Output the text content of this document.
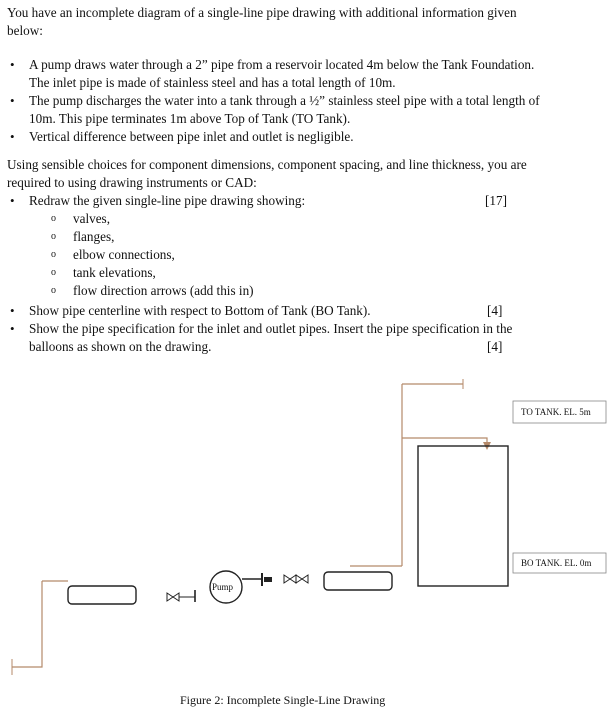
You have an incomplete diagram of a single-line pipe drawing with additional information given below:

• A pump draws water through a 2” pipe from a reservoir located 4m below the Tank Foundation. The inlet pipe is made of stainless steel and has a total length of 10m.

• The pump discharges the water into a tank through a ½” stainless steel pipe with a total length of 10m. This pipe terminates 1m above Top of Tank (TO Tank).

• Vertical difference between pipe inlet and outlet is negligible.

Using sensible choices for component dimensions, component spacing, and line thickness, you are required to using drawing instruments or CAD:

• Redraw the given single-line pipe drawing showing:	[17]
o valves,

o flanges,

o elbow connections,

o tank elevations,

o flow direction arrows (add this in)

• Show pipe centerline with respect to Bottom of Tank (BO Tank).	[4]
• Show the pipe specification for the inlet and outlet pipes. Insert the pipe specification in the balloons as shown on the drawing.	[4]
Pump
TO TANK. EL. 5m
BO TANK. EL. 0m
Figure 2: Incomplete Single-Line Drawing
